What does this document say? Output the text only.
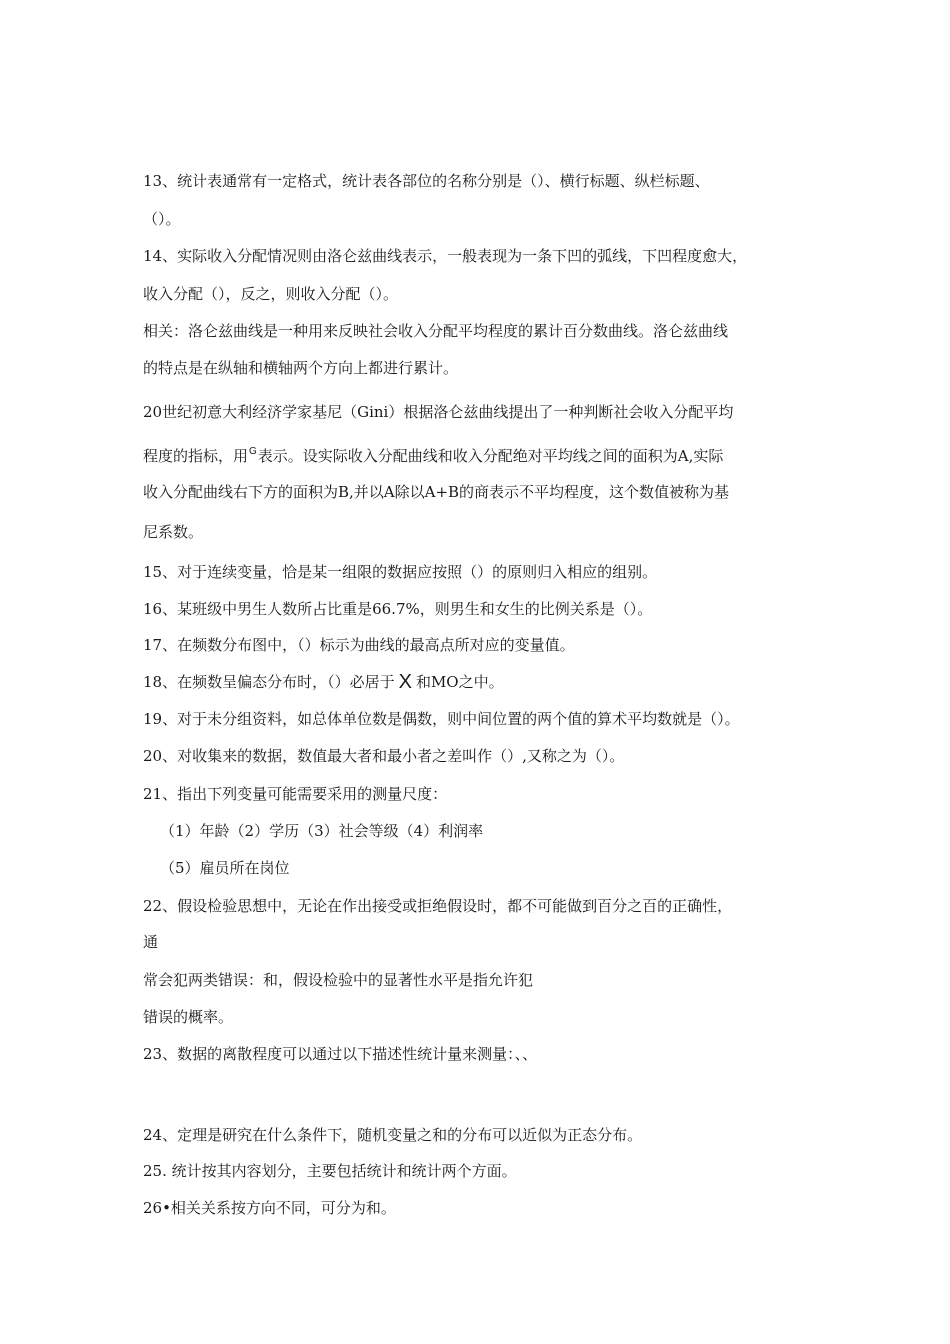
13、统计表通常有一定格式，统计表各部位的名称分别是（）、横行标题、纵栏标题、
（）。
14、实际收入分配情况则由洛仑兹曲线表示，一般表现为一条下凹的弧线，下凹程度愈大，
收入分配（），反之，则收入分配（）。
相关：洛仑兹曲线是一种用来反映社会收入分配平均程度的累计百分数曲线。洛仑兹曲线
的特点是在纵轴和横轴两个方向上都进行累计。
20世纪初意大利经济学家基尼（Gini）根据洛仑兹曲线提出了一种判断社会收入分配平均
程度的指标，用$^G$表示。设实际收入分配曲线和收入分配绝对平均线之间的面积为A,实际
收入分配曲线右下方的面积为B,并以A除以A+B的商表示不平均程度，这个数值被称为基
尼系数。
15、对于连续变量，恰是某一组限的数据应按照（）的原则归入相应的组别。
16、某班级中男生人数所占比重是66.7%，则男生和女生的比例关系是（）。
17、在频数分布图中，（）标示为曲线的最高点所对应的变量值。
18、在频数呈偏态分布时，（）必居于 X 和MO之中。
19、对于未分组资料，如总体单位数是偶数，则中间位置的两个值的算术平均数就是（）。
20、对收集来的数据，数值最大者和最小者之差叫作（）,又称之为（）。
21、指出下列变量可能需要采用的测量尺度：
（1）年龄（2）学历（3）社会等级（4）利润率
（5）雇员所在岗位
22、假设检验思想中，无论在作出接受或拒绝假设时，都不可能做到百分之百的正确性，
通
常会犯两类错误：和，假设检验中的显著性水平是指允许犯
错误的概率。
23、数据的离散程度可以通过以下描述性统计量来测量：、、
24、定理是研究在什么条件下，随机变量之和的分布可以近似为正态分布。
25. 统计按其内容划分，主要包括统计和统计两个方面。
26•相关关系按方向不同，可分为和。
